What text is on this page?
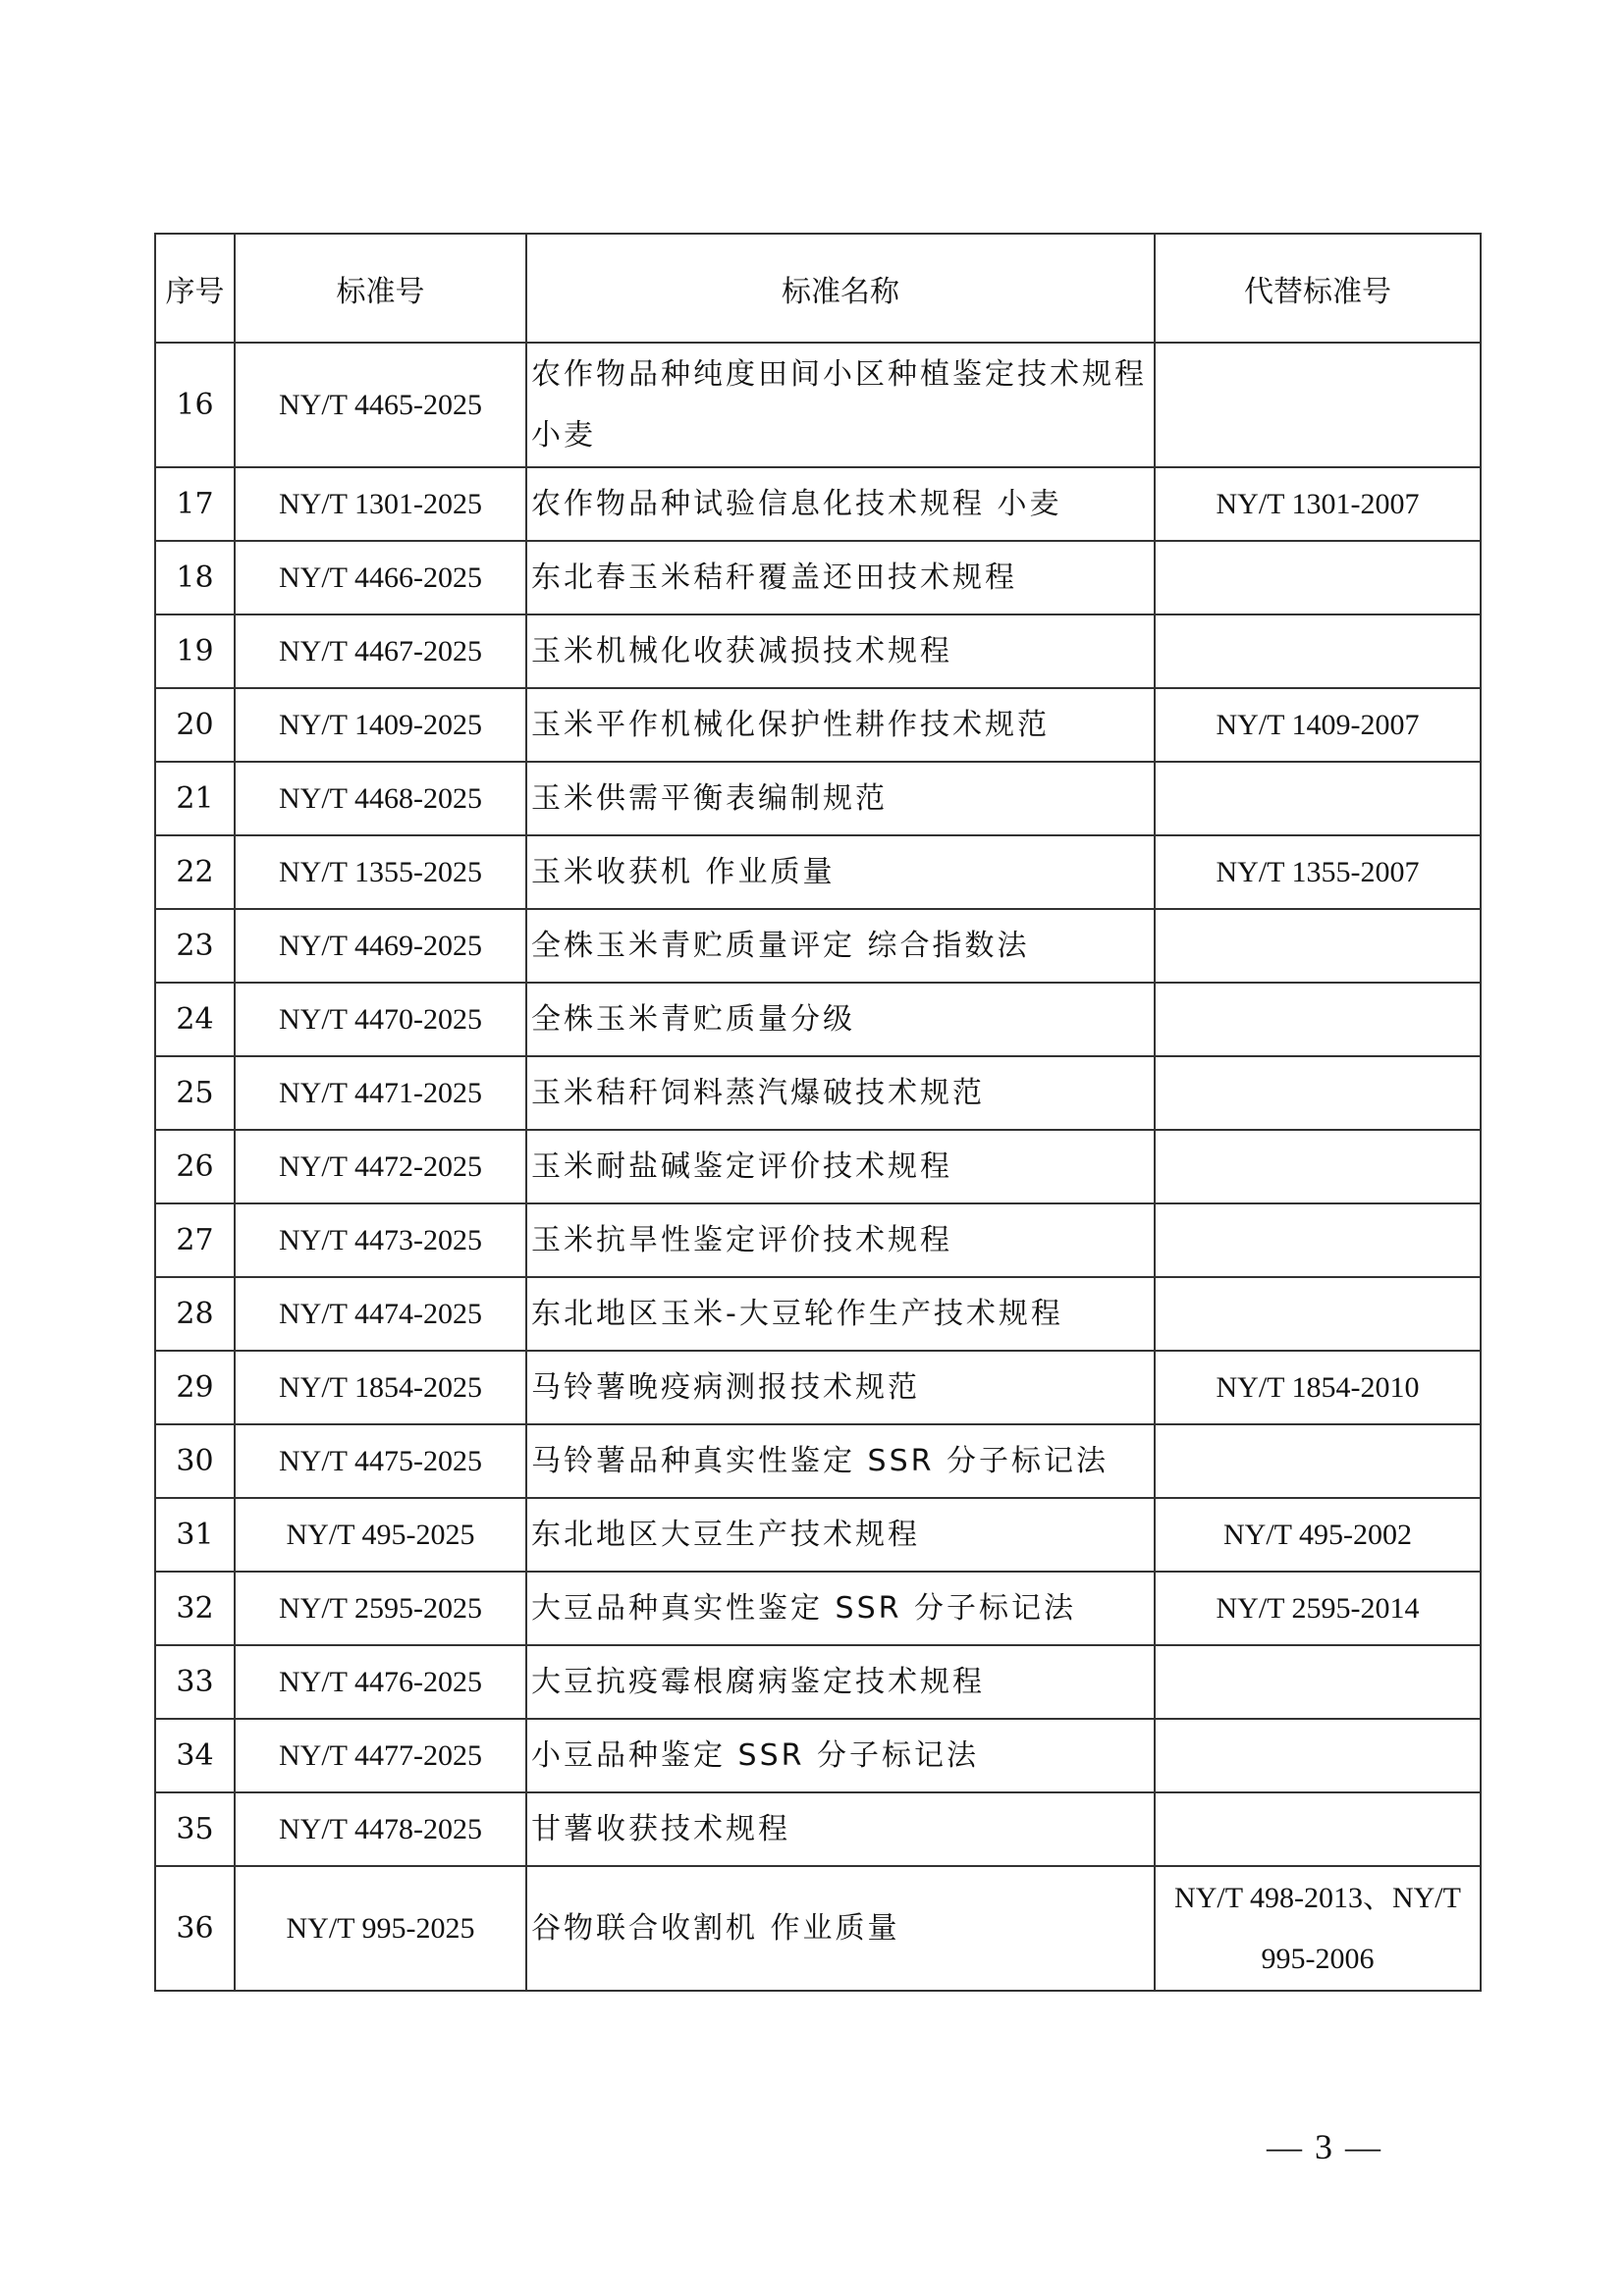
序号	标准号	标准名称	代替标准号
16	NY/T 4465-2025	农作物品种纯度田间小区种植鉴定技术规程 小麦	
17	NY/T 1301-2025	农作物品种试验信息化技术规程 小麦	NY/T 1301-2007
18	NY/T 4466-2025	东北春玉米秸秆覆盖还田技术规程	
19	NY/T 4467-2025	玉米机械化收获减损技术规程	
20	NY/T 1409-2025	玉米平作机械化保护性耕作技术规范	NY/T 1409-2007
21	NY/T 4468-2025	玉米供需平衡表编制规范	
22	NY/T 1355-2025	玉米收获机 作业质量	NY/T 1355-2007
23	NY/T 4469-2025	全株玉米青贮质量评定 综合指数法	
24	NY/T 4470-2025	全株玉米青贮质量分级	
25	NY/T 4471-2025	玉米秸秆饲料蒸汽爆破技术规范	
26	NY/T 4472-2025	玉米耐盐碱鉴定评价技术规程	
27	NY/T 4473-2025	玉米抗旱性鉴定评价技术规程	
28	NY/T 4474-2025	东北地区玉米-大豆轮作生产技术规程	
29	NY/T 1854-2025	马铃薯晚疫病测报技术规范	NY/T 1854-2010
30	NY/T 4475-2025	马铃薯品种真实性鉴定 SSR 分子标记法	
31	NY/T 495-2025	东北地区大豆生产技术规程	NY/T 495-2002
32	NY/T 2595-2025	大豆品种真实性鉴定 SSR 分子标记法	NY/T 2595-2014
33	NY/T 4476-2025	大豆抗疫霉根腐病鉴定技术规程	
34	NY/T 4477-2025	小豆品种鉴定 SSR 分子标记法	
35	NY/T 4478-2025	甘薯收获技术规程	
36	NY/T 995-2025	谷物联合收割机 作业质量	NY/T 498-2013、NY/T 995-2006
— 3 —
